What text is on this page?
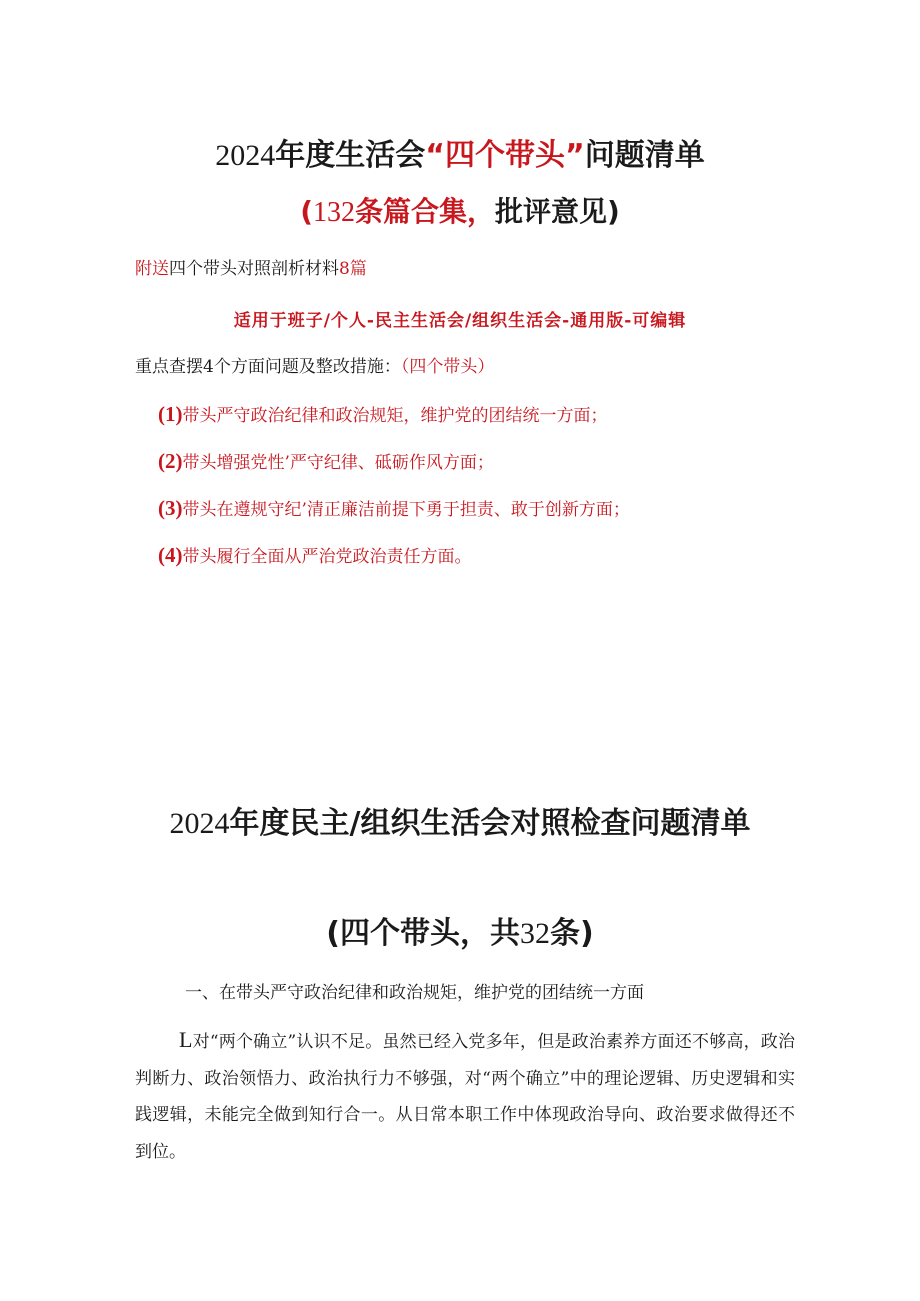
2024年度生活会“四个带头”问题清单
(132条篇合集，批评意见)
附送四个带头对照剖析材料8篇
适用于班子/个人-民主生活会/组织生活会-通用版-可编辑
重点查摆4个方面问题及整改措施：（四个带头）
(1)带头严守政治纪律和政治规矩，维护党的团结统一方面；
(2)带头增强党性’严守纪律、砥砺作风方面；
(3)带头在遵规守纪’清正廉洁前提下勇于担责、敢于创新方面；
(4)带头履行全面从严治党政治责任方面。
2024年度民主/组织生活会对照检查问题清单
(四个带头，共32条)
一、在带头严守政治纪律和政治规矩，维护党的团结统一方面
L对“两个确立”认识不足。虽然已经入党多年，但是政治素养方面还不够高，政治判断力、政治领悟力、政治执行力不够强，对“两个确立”中的理论逻辑、历史逻辑和实践逻辑，未能完全做到知行合一。从日常本职工作中体现政治导向、政治要求做得还不到位。
